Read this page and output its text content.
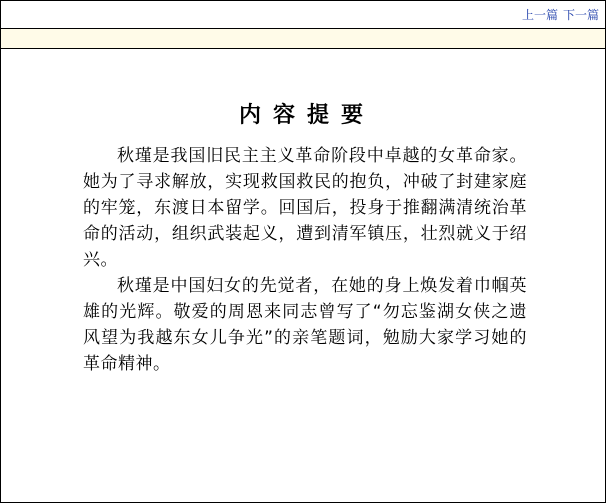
上一篇 下一篇
内容提要

秋瑾是我国旧民主主义革命阶段中卓越的女革命家。她为了寻求解放，实现救国救民的抱负，冲破了封建家庭的牢笼，东渡日本留学。回国后，投身于推翻满清统治革命的活动，组织武装起义，遭到清军镇压，壮烈就义于绍兴。

秋瑾是中国妇女的先觉者，在她的身上焕发着巾帼英雄的光辉。敬爱的周恩来同志曾写了“勿忘鉴湖女侠之遗风望为我越东女儿争光”的亲笔题词，勉励大家学习她的革命精神。
